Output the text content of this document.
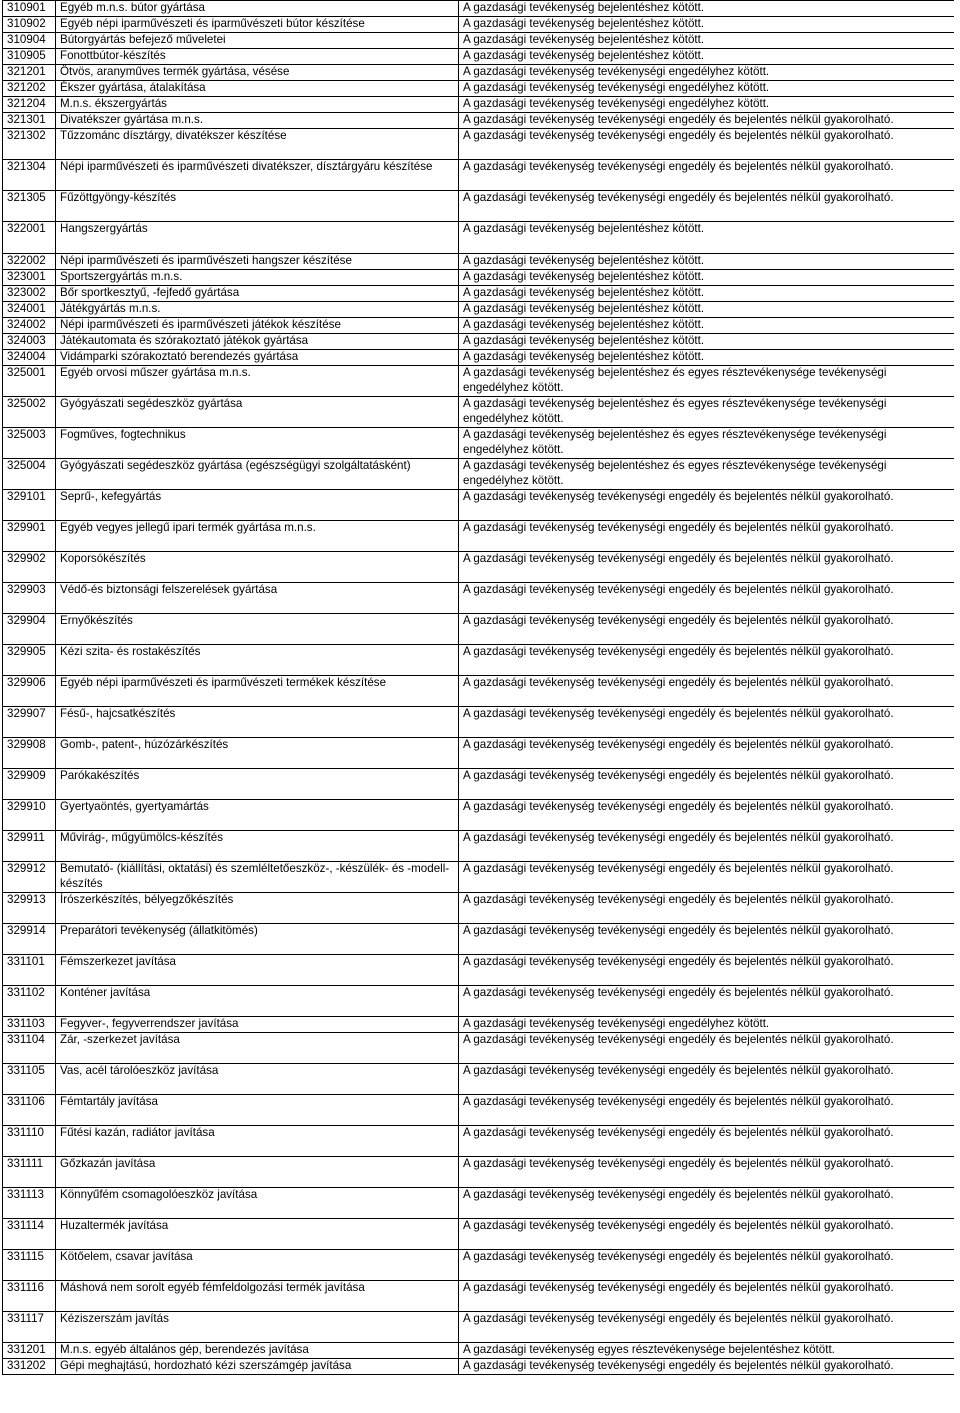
310901	Egyéb m.n.s. bútor gyártása	A gazdasági tevékenység bejelentéshez kötött.
310902	Egyéb népi iparművészeti és iparművészeti bútor készítése	A gazdasági tevékenység bejelentéshez kötött.
310904	Bútorgyártás befejező műveletei	A gazdasági tevékenység bejelentéshez kötött.
310905	Fonottbútor-készítés	A gazdasági tevékenység bejelentéshez kötött.
321201	Ötvös, aranyműves termék gyártása, vésése	A gazdasági tevékenység tevékenységi engedélyhez kötött.
321202	Ékszer gyártása, átalakítása	A gazdasági tevékenység tevékenységi engedélyhez kötött.
321204	M.n.s. ékszergyártás	A gazdasági tevékenység tevékenységi engedélyhez kötött.
321301	Divatékszer gyártása m.n.s.	A gazdasági tevékenység tevékenységi engedély és bejelentés nélkül gyakorolható.
321302	Tűzzománc dísztárgy, divatékszer készítése	A gazdasági tevékenység tevékenységi engedély és bejelentés nélkül gyakorolható.
321304	Népi iparművészeti és iparművészeti divatékszer, dísztárgyáru készítése	A gazdasági tevékenység tevékenységi engedély és bejelentés nélkül gyakorolható.
321305	Fűzöttgyöngy-készítés	A gazdasági tevékenység tevékenységi engedély és bejelentés nélkül gyakorolható.
322001	Hangszergyártás	A gazdasági tevékenység bejelentéshez kötött.
322002	Népi iparművészeti és iparművészeti hangszer készítése	A gazdasági tevékenység bejelentéshez kötött.
323001	Sportszergyártás m.n.s.	A gazdasági tevékenység bejelentéshez kötött.
323002	Bőr sportkesztyű, -fejfedő gyártása	A gazdasági tevékenység bejelentéshez kötött.
324001	Játékgyártás m.n.s.	A gazdasági tevékenység bejelentéshez kötött.
324002	Népi iparművészeti és iparművészeti játékok készítése	A gazdasági tevékenység bejelentéshez kötött.
324003	Játékautomata és szórakoztató játékok gyártása	A gazdasági tevékenység bejelentéshez kötött.
324004	Vidámparki szórakoztató berendezés gyártása	A gazdasági tevékenység bejelentéshez kötött.
325001	Egyéb orvosi műszer gyártása m.n.s.	A gazdasági tevékenység bejelentéshez és egyes résztevékenysége tevékenységi engedélyhez kötött.
325002	Gyógyászati segédeszköz gyártása	A gazdasági tevékenység bejelentéshez és egyes résztevékenysége tevékenységi engedélyhez kötött.
325003	Fogműves, fogtechnikus	A gazdasági tevékenység bejelentéshez és egyes résztevékenysége tevékenységi engedélyhez kötött.
325004	Gyógyászati segédeszköz gyártása (egészségügyi szolgáltatásként)	A gazdasági tevékenység bejelentéshez és egyes résztevékenysége tevékenységi engedélyhez kötött.
329101	Seprű-, kefegyártás	A gazdasági tevékenység tevékenységi engedély és bejelentés nélkül gyakorolható.
329901	Egyéb vegyes jellegű ipari termék gyártása m.n.s.	A gazdasági tevékenység tevékenységi engedély és bejelentés nélkül gyakorolható.
329902	Koporsókészítés	A gazdasági tevékenység tevékenységi engedély és bejelentés nélkül gyakorolható.
329903	Védő-és biztonsági felszerelések gyártása	A gazdasági tevékenység tevékenységi engedély és bejelentés nélkül gyakorolható.
329904	Ernyőkészítés	A gazdasági tevékenység tevékenységi engedély és bejelentés nélkül gyakorolható.
329905	Kézi szita- és rostakészítés	A gazdasági tevékenység tevékenységi engedély és bejelentés nélkül gyakorolható.
329906	Egyéb népi iparművészeti és iparművészeti termékek készítése	A gazdasági tevékenység tevékenységi engedély és bejelentés nélkül gyakorolható.
329907	Fésű-, hajcsatkészítés	A gazdasági tevékenység tevékenységi engedély és bejelentés nélkül gyakorolható.
329908	Gomb-, patent-, húzózárkészítés	A gazdasági tevékenység tevékenységi engedély és bejelentés nélkül gyakorolható.
329909	Parókakészítés	A gazdasági tevékenység tevékenységi engedély és bejelentés nélkül gyakorolható.
329910	Gyertyaöntés, gyertyamártás	A gazdasági tevékenység tevékenységi engedély és bejelentés nélkül gyakorolható.
329911	Művirág-, műgyümölcs-készítés	A gazdasági tevékenység tevékenységi engedély és bejelentés nélkül gyakorolható.
329912	Bemutató- (kiállítási, oktatási) és szemléltetőeszköz-, -készülék- és -modell-készítés	A gazdasági tevékenység tevékenységi engedély és bejelentés nélkül gyakorolható.
329913	Írószerkészítés, bélyegzőkészítés	A gazdasági tevékenység tevékenységi engedély és bejelentés nélkül gyakorolható.
329914	Preparátori tevékenység (állatkitömés)	A gazdasági tevékenység tevékenységi engedély és bejelentés nélkül gyakorolható.
331101	Fémszerkezet javítása	A gazdasági tevékenység tevékenységi engedély és bejelentés nélkül gyakorolható.
331102	Konténer javítása	A gazdasági tevékenység tevékenységi engedély és bejelentés nélkül gyakorolható.
331103	Fegyver-, fegyverrendszer javítása	A gazdasági tevékenység tevékenységi engedélyhez kötött.
331104	Zár, -szerkezet javítása	A gazdasági tevékenység tevékenységi engedély és bejelentés nélkül gyakorolható.
331105	Vas, acél tárolóeszköz javítása	A gazdasági tevékenység tevékenységi engedély és bejelentés nélkül gyakorolható.
331106	Fémtartály javítása	A gazdasági tevékenység tevékenységi engedély és bejelentés nélkül gyakorolható.
331110	Fűtési kazán, radiátor javítása	A gazdasági tevékenység tevékenységi engedély és bejelentés nélkül gyakorolható.
331111	Gőzkazán javítása	A gazdasági tevékenység tevékenységi engedély és bejelentés nélkül gyakorolható.
331113	Könnyűfém csomagolóeszköz javítása	A gazdasági tevékenység tevékenységi engedély és bejelentés nélkül gyakorolható.
331114	Huzaltermék javítása	A gazdasági tevékenység tevékenységi engedély és bejelentés nélkül gyakorolható.
331115	Kötőelem, csavar javítása	A gazdasági tevékenység tevékenységi engedély és bejelentés nélkül gyakorolható.
331116	Máshová nem sorolt egyéb fémfeldolgozási termék javítása	A gazdasági tevékenység tevékenységi engedély és bejelentés nélkül gyakorolható.
331117	Kéziszerszám javítás	A gazdasági tevékenység tevékenységi engedély és bejelentés nélkül gyakorolható.
331201	M.n.s. egyéb általános gép, berendezés javítása	A gazdasági tevékenység egyes résztevékenysége bejelentéshez kötött.
331202	Gépi meghajtású, hordozható kézi szerszámgép javítása	A gazdasági tevékenység tevékenységi engedély és bejelentés nélkül gyakorolható.
